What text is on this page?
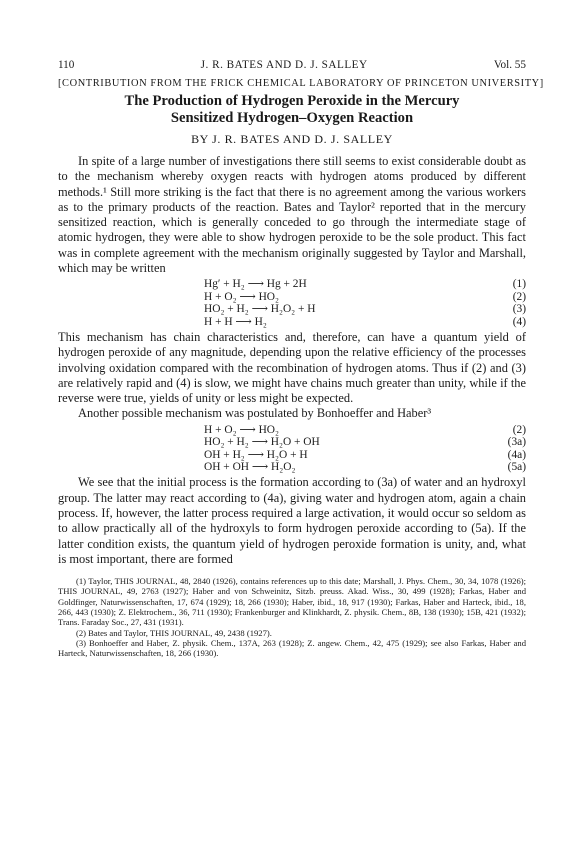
110	J. R. BATES AND D. J. SALLEY	Vol. 55
[CONTRIBUTION FROM THE FRICK CHEMICAL LABORATORY OF PRINCETON UNIVERSITY]
The Production of Hydrogen Peroxide in the Mercury
Sensitized Hydrogen–Oxygen Reaction
BY J. R. BATES AND D. J. SALLEY

In spite of a large number of investigations there still seems to exist considerable doubt as to the mechanism whereby oxygen reacts with hydrogen atoms produced by different methods.¹ Still more striking is the fact that there is no agreement among the various workers as to the primary products of the reaction. Bates and Taylor² reported that in the mercury sensitized reaction, which is generally conceded to go through the intermediate stage of atomic hydrogen, they were able to show hydrogen peroxide to be the sole product. This fact was in complete agreement with the mechanism originally suggested by Taylor and Marshall, which may be written

Hg′ + H₂ ⟶ Hg + 2H	(1)
H + O₂ ⟶ HO₂	(2)
HO₂ + H₂ ⟶ H₂O₂ + H	(3)
H + H ⟶ H₂	(4)

This mechanism has chain characteristics and, therefore, can have a quantum yield of hydrogen peroxide of any magnitude, depending upon the relative efficiency of the processes involving oxidation compared with the recombination of hydrogen atoms. Thus if (2) and (3) are relatively rapid and (4) is slow, we might have chains much greater than unity, while if the reverse were true, yields of unity or less might be expected.

Another possible mechanism was postulated by Bonhoeffer and Haber³

H + O₂ ⟶ HO₂	(2)
HO₂ + H₂ ⟶ H₂O + OH	(3a)
OH + H₂ ⟶ H₂O + H	(4a)
OH + OH ⟶ H₂O₂	(5a)

We see that the initial process is the formation according to (3a) of water and an hydroxyl group. The latter may react according to (4a), giving water and hydrogen atom, again a chain process. If, however, the latter process required a large activation, it would occur so seldom as to allow practically all of the hydroxyls to form hydrogen peroxide according to (5a). If the latter condition exists, the quantum yield of hydrogen peroxide formation is unity, and, what is most important, there are formed

(1) Taylor, THIS JOURNAL, 48, 2840 (1926), contains references up to this date; Marshall, J. Phys. Chem., 30, 34, 1078 (1926); THIS JOURNAL, 49, 2763 (1927); Haber and von Schweinitz, Sitzb. preuss. Akad. Wiss., 30, 499 (1928); Farkas, Haber and Goldfinger, Naturwissenschaften, 17, 674 (1929); 18, 266 (1930); Haber, ibid., 18, 917 (1930); Farkas, Haber and Harteck, ibid., 18, 266, 443 (1930); Z. Elektrochem., 36, 711 (1930); Frankenburger and Klinkhardt, Z. physik. Chem., 8B, 138 (1930); 15B, 421 (1932); Trans. Faraday Soc., 27, 431 (1931).
(2) Bates and Taylor, THIS JOURNAL, 49, 2438 (1927).
(3) Bonhoeffer and Haber, Z. physik. Chem., 137A, 263 (1928); Z. angew. Chem., 42, 475 (1929); see also Farkas, Haber and Harteck, Naturwissenschaften, 18, 266 (1930).
